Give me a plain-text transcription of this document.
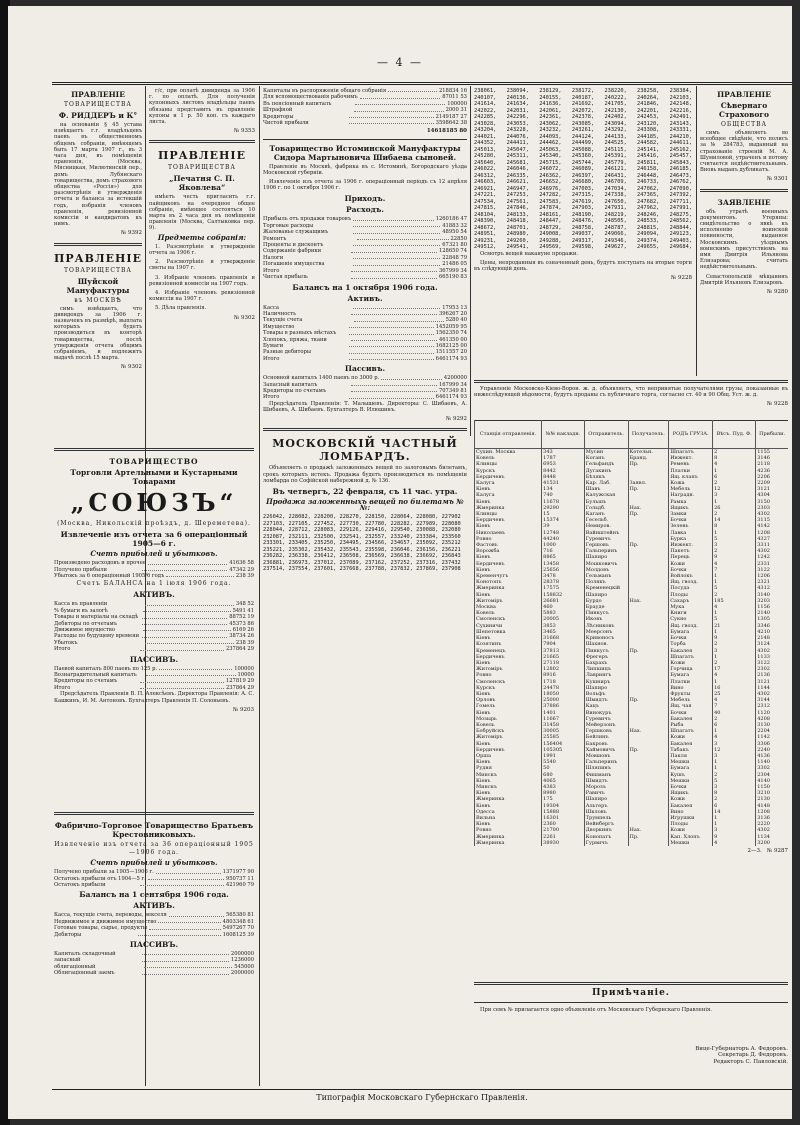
— 4 —
ПРАВЛЕНІЕ
ТОВАРИЩЕСТВА
Ф. РИДДЕРЪ и К°

на основаніи § 45 устава извѣщаетъ г.г. владѣльцевъ паевъ въ общественномъ общемъ собраніи, имѣющемъ быть 17 марта 1907 г., въ 3 часа дня, въ помѣщеніи правленія, (Москва, Мясницкая, Милютинскій пер., домъ Лубянскаго товарищества, домъ страхового общества «Россія») для разсмотрѣнія и утвержденія отчета и баланса за истекшій годъ, избранія членовъ правленія, ревизіонной комиссіи и кандидатовъ къ нимъ.

№ 9392
ПРАВЛЕНІЕ
ТОВАРИЩЕСТВА
Шуйской Мануфактуры
въ МОСКВѢ

симъ извѣщаетъ, что дивидендъ за 1906 г. назначенъ въ размѣрѣ, выплата которыхъ будетъ производиться въ конторѣ товарищества, послѣ утвержденія отчета общимъ собраніемъ, и подлежитъ выдачѣ послѣ 15 марта.

№ 9302
ТОВАРИЩЕСТВО
Торговли Артельными и Кустарными Товарами
„СОЮЗЪ“
(Москва, Никольскій проѣздъ, д. Шереметева).
Извлеченіе изъ отчета за 6 операціонный 1905—6 г.
Счетъ прибылей и убытковъ.
Произведено расходовъ и прочее	41636 58
Получено прибыли	47342 29
Убытокъ за 6 операціонный 1905/6 годъ	238 39
Счетъ БАЛАНСА на 1 іюля 1906 года.
АКТИВЪ.
Касса въ правленіи	348 52
% бумаги въ залогѣ	5491 41
Товары и матеріалы на складѣ	88752 19
Дебиторы по отчетамъ	45373 86
Движимое имущество	6169 26
Расходы по будущему времени	38734 26
Убытокъ	238 39
Итого	237864 29
ПАССИВЪ.
Паевой капиталъ 800 паевъ по 125 р.	100000
Вознаградительный капиталъ	10000
Кредиторы по счетамъ	127819 29
Итого	237864 29

Предсѣдатель Правленія В. П. Алексѣевъ. Директора Правленія: А. С. Кашкинъ, И. М. Антоновъ. Бухгалтеръ Правленія П. Соловьевъ.

№ 9203
Фабрично-Торговое Товарищество Братьевъ Крестовниковыхъ.
Извлеченіе изъ отчета за 36 операціонный 1905—1906 года.
Счетъ прибылей и убытковъ.
Получено прибыли за 1905—1906 г.	1371977 90
Остатокъ прибыли отъ 1904—5 г.	950737 11
Остатокъ прибыли	421960 79
Балансъ на 1 сентября 1906 года.
АКТИВЪ.
Касса, текущіе счета, переводы, векселя	565380 81
Недвижимое и движимое имущество	4803348 61
Готовые товары, сырье, продукты	5497267 70
Дебиторы	1608125 39
ПАССИВЪ.
Капиталъ складочный	2000000
запасный	1236000
облигаціонный	545000
Облигаціонный заемъ	2000000

г/с, при оплатѣ дивиденда за 1906 г. по оплатѣ. Для полученія купонныхъ листовъ владѣльцы паевъ обязаны представить въ правленіе купоны и 1 р. 50 коп. съ каждаго листа.

№ 9353
ПРАВЛЕНІЕ
ТОВАРИЩЕСТВА
„Печатня С. П. Яковлева“

имѣетъ честь пригласить г.г. пайщиковъ на очередное общее собраніе, имѣющее состояться 10 марта въ 2 часа дня въ помѣщеніи правленія (Москва, Салтыковка пер. 9).

Предметы собранія:

1. Разсмотрѣніе и утвержденіе отчета за 1906 г.

2. Разсмотрѣніе и утвержденіе сметы на 1907 г.

3. Избраніе членовъ правленія и ревизіонной комиссіи на 1907 годъ.

4. Избраніе членовъ ревизіонной комиссіи на 1907 г.

5. Дѣла правленія.

№ 9302
Капиталы въ распоряженіи общаго собранія	218834 16
Для вспомоществованія рабочимъ	87011 53
Въ пенсіонный капиталъ	100000
Штрафной	2000 31
Кредиторы	2149187 27
Чистой прибыли	3598642 38
14618185 80
Товарищество Истоминской Мануфактуры Сидора Мартыновича Шибаева сыновей.

Правленіе въ Москвѣ, фабрика въ с. Истоминѣ, Богородскаго уѣзда Московской губерніи.

Извлеченіе изъ отчета за 1906 г. операціонный періодъ съ 12 апрѣля 1906 г. по 1 октября 1906 г.

Приходъ.
Расходъ.
Прибыль отъ продажи товаровъ	1260186 47
Торговые расходы	41883 32
Жалованье служащимъ	48950 54
Ремонтъ	22850
Проценты и дисконтъ	67321 80
Содержаніе фабрики	128650 74
Налоги	22848 79
Погашеніе имущества	21486 05
Итого	367999 34
Чистая прибыль	665190 83
Балансъ на 1 октября 1906 года.
Активъ.
Касса	17953 13
Наличность	396267 20
Текущіе счета	5280 40
Имущество	1452059 95
Товары в разныхъ мѣстахъ	1562350 74
Хлопокъ, пряжа, ткани	461350 00
Бумаги	1682125 00
Разные дебиторы	1511557 20
Итого	6461174 93
Пассивъ.
Основной капиталъ 1400 паевъ по 3000 р.	4200000
Запасный капиталъ	167999 34
Кредиторы по счетамъ	707349 81
Итого	6461174 93

Предсѣдатель Правленія: Т. Малышевъ. Директоры: С. Шибаевъ, А. Шибаевъ, А. Шибаевъ. Бухгалтеръ В. Илюшинъ.

№ 9292
МОСКОВСКІЙ ЧАСТНЫЙ ЛОМБАРДЪ.

Объявляетъ о продажѣ заложенныхъ вещей по залоговымъ билетамъ, срокъ которыхъ истекъ. Продажа будетъ производиться въ помѣщеніи ломбарда по Софійской набережной д. № 136.

Въ четвергъ, 22 февраля, съ 11 час. утра.
Продажа заложенныхъ вещей по билетамъ №№:
226042, 228082, 228200, 228270, 228150, 228064, 228080, 227902
227103, 227105, 227452, 227730, 227780, 228282, 227989, 228080
228044, 228712, 228083, 229126, 229416, 229540, 230088, 232080
232087, 232111, 232500, 232541, 232557, 233240, 233384, 233560
233301, 233405, 235250, 234495, 234566, 234657, 235092, 235212
235221, 235302, 235432, 235543, 235598, 236046, 236156, 236221
236282, 236338, 236412, 236508, 236569, 236638, 236692, 236843
236881, 236973, 237012, 237089, 237162, 237252, 237316, 237432
237514, 237554, 237601, 237668, 237788, 237832, 237869, 237908
238061, 238094, 238129, 238172, 238220, 238258, 238384,
240107, 240136, 240155, 240187, 240222, 240264, 242103,
241614, 241634, 241636, 241692, 241705, 241846, 242148,
242022, 242031, 242061, 242072, 242130, 242201, 242216,
242285, 242296, 242361, 242378, 242402, 242453, 242491,
243028, 243053, 243062, 243085, 243094, 243120, 243143,
243204, 243228, 243232, 243261, 243292, 243308, 243331,
244021, 244076, 244093, 244124, 244133, 244185, 244210,
244352, 244411, 244462, 244499, 244525, 244582, 244611,
245013, 245047, 245063, 245088, 245115, 245141, 245162,
245280, 245311, 245340, 245360, 245391, 245416, 245457,
245640, 245681, 245715, 245744, 245779, 245811, 245843,
246022, 246046, 246072, 246089, 246121, 246158, 246185,
246312, 246335, 246362, 246397, 246431, 246448, 246473,
246603, 246621, 246652, 246680, 246709, 246733, 246762,
246921, 246947, 246976, 247003, 247034, 247062, 247090,
247221, 247253, 247282, 247315, 247338, 247365, 247392,
247534, 247561, 247583, 247619, 247650, 247682, 247711,
247815, 247846, 247874, 247903, 247931, 247962, 247991,
248104, 248133, 248161, 248190, 248219, 248246, 248275,
248390, 248418, 248447, 248476, 248505, 248533, 248562,
248672, 248701, 248729, 248758, 248787, 248815, 248844,
248951, 248980, 249008, 249037, 249066, 249094, 249123,
249231, 249260, 249288, 249317, 249346, 249374, 249403,
249512, 249541, 249569, 249598, 249627, 249655, 249684,

Осмотръ вещей накануне продажи.

Цены, непроданныя въ означенный день, будутъ поступать на вторые торги въ слѣдующій день.

№ 9228
ПРАВЛЕНІЕ
Сѣвернаго Страхового
ОБЩЕСТВА

симъ объявляетъ во всеобщее свѣдѣніе, что полисъ за № 284783, выданный на страхованіе строеній М. А. Шумиловой, утраченъ и потому считается недѣйствительнымъ. Вновь выданъ дубликатъ.

№ 9301
ЗАЯВЛЕНІЕ

объ утратѣ военныхъ документовъ. Утеряны: свидѣтельство о явкѣ къ исполненію воинской повинности, выданное Московскимъ уѣзднымъ воинскимъ присутствіемъ на имя Дмитрія Ильянова Елизарова; считать недѣйствительнымъ.

Севастопольскій мѣщанинъ Дмитрій Ильяновъ Елизаровъ.

№ 9280

Управленіе Московско-Кіево-Ворон. ж. д. объявляетъ, что непринятые получателями грузы, показанные въ нижеслѣдующей вѣдомости, будутъ проданы съ публичнаго торга, согласно ст. 40 и 90 Общ. Уст. ж. д.

№ 9228
Станція отправленія.	№№ накладн.	Отправитель.	Получатель.	РОДЪ ГРУЗА.	Вѣсъ. Пуд. Ф.	Прибыли.
Сухин. Москва	343	Мусин	Котельн.	Шпагатъ	2	1155
Ковель	1787	Коганъ	Бранд.	Инжект.	8	3146
Клинцы	6953	Гельфандъ	Пр.	Ремень	4	2118
Курскъ	8442	Дугакинъ		Платки	1	4236
Бердичевъ	8448	Бѣлякъ		Ящ. клапъ	6	2206
Калуга	41531	Кар. Лаб.	Заявл.	Кожа	2	2209
Кіевъ	134	Шавъ	Пр.	Мебель	12	3121
Калуга	740	Калужская		Наградн.	3	4304
Кіевъ	11678	Бульшъ		Рамка	1	3150
Жмеринка	29290	Гольдб.	Нах.	Ящикъ	26	2303
Клинцы	15	Каганъ	Пр.	Замки	2	4302
Бердичевъ	15374	Гесельб.		Бочки	14	3115
Кіевъ	39	Немиров.		Зелень	8	4142
Николаевъ	12748	Вайнштейнъ		Лавка	1	1208
Ровно	44240	Гуревичъ		Бурка	5	4327
Фастовъ	1000	Гершовъ	Пр.	Инжект.	3	3311
Ворожба	716	Гальперинъ		Пакетъ	2	4302
Кіевъ	8865	Шапиро		Перець	9	1242
Бердичевъ	13458	Мошковичъ		Кожи	4	2331
Кіевъ	25656	Молдовъ		Бочки	7	3122
Кременчугъ	3478	Гельманъ		Войлокъ	1	1206
Конотопъ	28378	Полякъ		Ящ. гвозд.	1	2321
Жмеринка	17575	Кременецкій		Посуда	5	4312
Кіевъ	158832	Шапиро		Плоды	2	3140
Житоміръ	26681	Бурдо	Нах.	Сахаръ	185	3203
Москва	460	Брауде		Мука	4	1156
Ковель	5883	Пинкусъ		Книги	1	2140
Смоленскъ	20005	Иковъ		Сукно	5	1305
Сухиничи	3853	Лѣсниковъ		Ящ. гвозд.	21	3346
Шепетовка	3465	Меерсонъ		Бумага	1	4210
Кіевъ	31668	Кривоносъ		Бочки	9	2148
Козятинъ	7904	Шахнов.		Торба	2	3124
Кременецъ	37813	Пинкусъ	Пр.	Бакалея	3	4302
Бердичевъ	21665	Фрегеръ		Шпагатъ	1	1133
Кіевъ	27118	Бахрахъ		Кожи	2	3122
Житоміръ	12802	Липшицъ		Горчица	17	2302
Ровно	8916	Лаврингъ		Бумага	4	2136
Смоленскъ	1718	Кушниръ		Платки	1	3121
Курскъ	24478	Шапиро		Вино	16	1144
Кіевъ	18050	Вольфъ		Фрукты	25	4302
Орловъ	25000	Шмидтъ	Пр.	Мебель	4	3144
Гомель	37886	Кацъ		Ящ. чая	7	2312
Кіевъ	1401	Винокуръ		Бочки	40	1120
Мозырь	11667	Гуревичъ		Бакалея	2	4208
Ковель	31458	Мейерзонъ		Рыба	6	3130
Бобруйскъ	30005	Гершковъ	Нах.	Шпагатъ	1	2204
Житоміръ	25585	Бейлинъ		Кожи	4	1142
Кіевъ	156404	Бакровъ		Бакалея	3	3306
Бердичевъ	105305	Хаймовичъ	Пр.	Табакъ	12	2240
Орша	1991	Мовшовъ		Пакля	3	4136
Кіевъ	5540	Гальперинъ		Мешки	1	1140
Рудня	50	Шляпинъ		Бумага	1	3302
Минскъ	680	Фишманъ		Кушъ	2	2304
Кіевъ	4065	Шмидтъ		Мешки	5	4140
Минскъ	4383	Морозъ		Бочки	3	1150
Кіевъ	8980	Равичъ		Ящикъ	8	3210
Жмеринка	175	Шапиро		Кожи	2	2130
Кіевъ	19304	Альтеръ		Бакалея	6	4148
Одесса	15888	Шкловъ		Вино	14	1208
Вильна	16301	Трумпель		Игрушки	1	3136
Кіевъ	2360	Вейнбергъ		Плоды	1	2220
Ровно	21700	Дворкинъ	Нах.	Кожи	3	4302
Жмеринка	2261	Конопатъ	Пр.	Кап. Хлопъ	9	1134
Жмеринка	38930	Гурвичъ		Мешки	4	3200
2—3. № 9287
Примѣчаніе.

При семъ № прилагается одно объявленіе отъ Московскаго Губернскаго Правленія.

Вице-Губернаторъ А. Федоровъ.
Секретарь Д. Федоровъ.
Редакторъ С. Павловскій.
Типографія Московскаго Губернскаго Правленія.
